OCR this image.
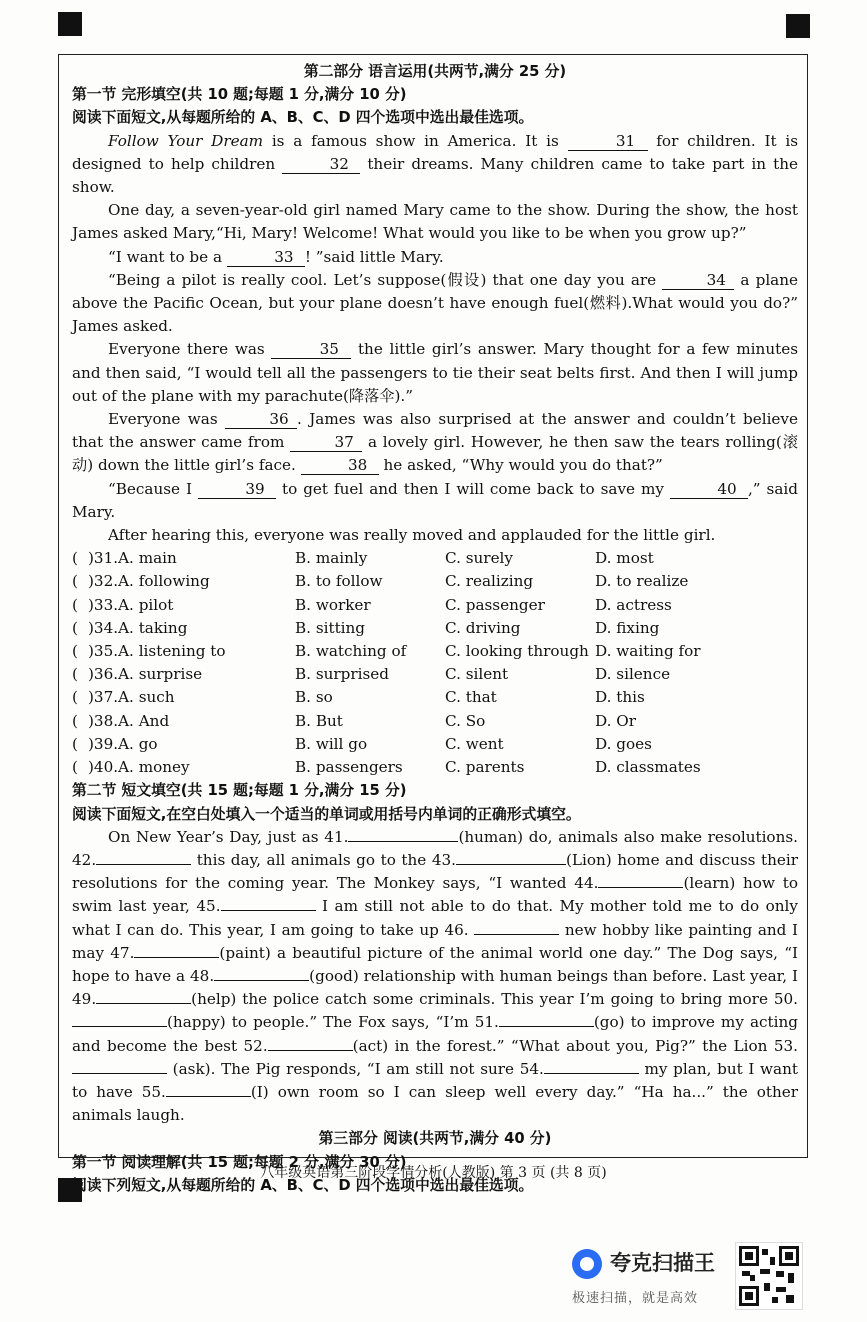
第二部分 语言运用(共两节,满分 25 分)
第一节 完形填空(共 10 题;每题 1 分,满分 10 分)
阅读下面短文,从每题所给的 A、B、C、D 四个选项中选出最佳选项。

Follow Your Dream is a famous show in America. It is	31 for children. It is designed to help children	32 their dreams. Many children came to take part in the show.

One day, a seven-year-old girl named Mary came to the show. During the show, the host James asked Mary,“Hi, Mary! Welcome! What would you like to be when you grow up?”

“I want to be a	33 ! ”said little Mary.

“Being a pilot is really cool. Let’s suppose(假设) that one day you are	34 a plane above the Pacific Ocean, but your plane doesn’t have enough fuel(燃料).What would you do?” James asked.

Everyone there was	35 the little girl’s answer. Mary thought for a few minutes and then said, “I would tell all the passengers to tie their seat belts first. And then I will jump out of the plane with my parachute(降落伞).”

Everyone was	36 . James was also surprised at the answer and couldn’t believe that the answer came from	37 a lovely girl. However, he then saw the tears rolling(滚动) down the little girl’s face.	38 he asked, “Why would you do that?”

“Because I	39 to get fuel and then I will come back to save my	40 ,” said Mary.

After hearing this, everyone was really moved and applauded for the little girl.

(	)31.A. main	B. mainly	C. surely	D. most
(	)32.A. following	B. to follow	C. realizing	D. to realize
(	)33.A. pilot	B. worker	C. passenger	D. actress
(	)34.A. taking	B. sitting	C. driving	D. fixing
(	)35.A. listening to	B. watching of	C. looking through	D. waiting for
(	)36.A. surprise	B. surprised	C. silent	D. silence
(	)37.A. such	B. so	C. that	D. this
(	)38.A. And	B. But	C. So	D. Or
(	)39.A. go	B. will go	C. went	D. goes
(	)40.A. money	B. passengers	C. parents	D. classmates
第二节 短文填空(共 15 题;每题 1 分,满分 15 分)
阅读下面短文,在空白处填入一个适当的单词或用括号内单词的正确形式填空。

On New Year’s Day, just as 41.	(human) do, animals also make resolutions. 42.	this day, all animals go to the 43.	(Lion) home and discuss their resolutions for the coming year. The Monkey says, “I wanted 44.	(learn) how to swim last year, 45.	I am still not able to do that. My mother told me to do only what I can do. This year, I am going to take up 46.	new hobby like painting and I may 47.	(paint) a beautiful picture of the animal world one day.” The Dog says, “I hope to have a 48.	(good) relationship with human beings than before. Last year, I 49.	(help) the police catch some criminals. This year I’m going to bring more 50.(happy) to people.” The Fox says, “I’m 51.	(go) to improve my acting and become the best 52.	(act) in the forest.” “What about you, Pig?” the Lion 53. (ask). The Pig responds, “I am still not sure 54.	my plan, but I want to have 55.	(I) own room so I can sleep well every day.” “Ha ha...” the other animals laugh.

第三部分 阅读(共两节,满分 40 分)
第一节 阅读理解(共 15 题;每题 2 分,满分 30 分)
阅读下列短文,从每题所给的 A、B、C、D 四个选项中选出最佳选项。
八年级英语第三阶段学情分析(人教版) 第 3 页 (共 8 页)
夸克扫描王
极速扫描，就是高效
